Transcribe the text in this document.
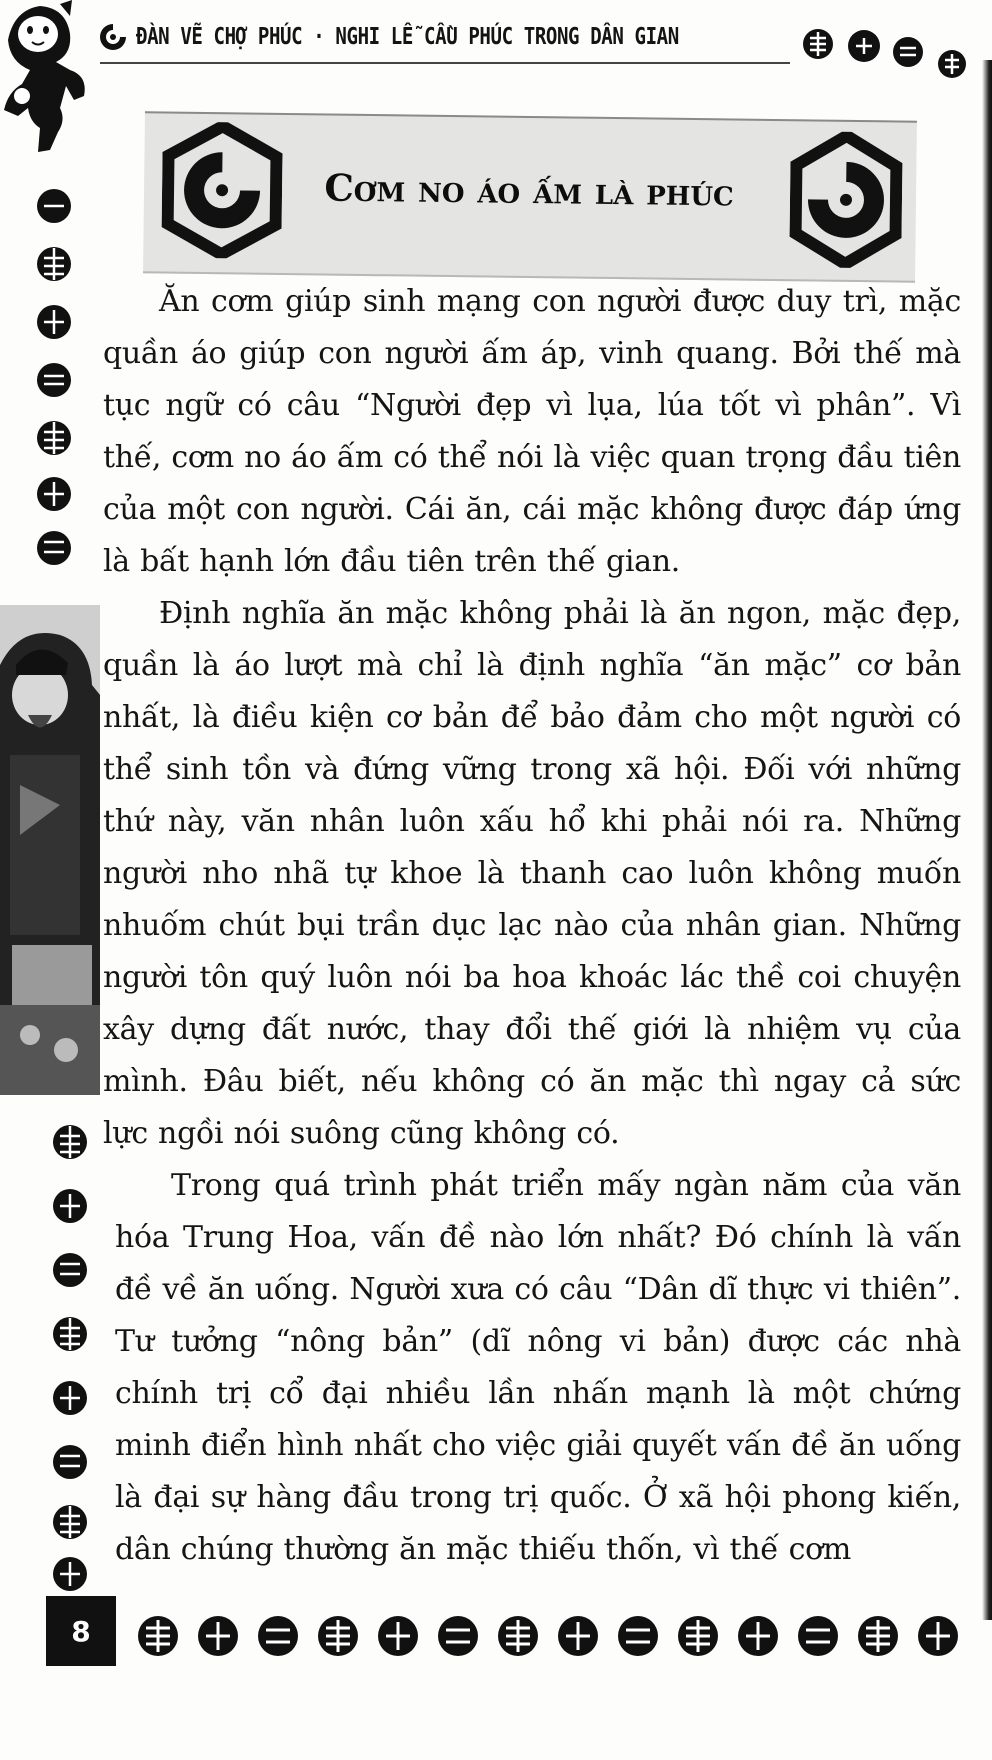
ĐÀN VẼ CHỢ PHÚC · NGHI LỄ CẦU PHÚC TRONG DÂN GIAN
Cơm no áo ấm là phúc

Ăn cơm giúp sinh mạng con người được duy trì, mặc quần áo giúp con người ấm áp, vinh quang. Bởi thế mà tục ngữ có câu “Người đẹp vì lụa, lúa tốt vì phân”. Vì thế, cơm no áo ấm có thể nói là việc quan trọng đầu tiên của một con người. Cái ăn, cái mặc không được đáp ứng là bất hạnh lớn đầu tiên trên thế gian.

Định nghĩa ăn mặc không phải là ăn ngon, mặc đẹp, quần là áo lượt mà chỉ là định nghĩa “ăn mặc” cơ bản nhất, là điều kiện cơ bản để bảo đảm cho một người có thể sinh tồn và đứng vững trong xã hội. Đối với những thứ này, văn nhân luôn xấu hổ khi phải nói ra. Những người nho nhã tự khoe là thanh cao luôn không muốn nhuốm chút bụi trần dục lạc nào của nhân gian. Những người tôn quý luôn nói ba hoa khoác lác thề coi chuyện xây dựng đất nước, thay đổi thế giới là nhiệm vụ của mình. Đâu biết, nếu không có ăn mặc thì ngay cả sức lực ngồi nói suông cũng không có.

Trong quá trình phát triển mấy ngàn năm của văn hóa Trung Hoa, vấn đề nào lớn nhất? Đó chính là vấn đề về ăn uống. Người xưa có câu “Dân dĩ thực vi thiên”. Tư tưởng “nông bản” (dĩ nông vi bản) được các nhà chính trị cổ đại nhiều lần nhấn mạnh là một chứng minh điển hình nhất cho việc giải quyết vấn đề ăn uống là đại sự hàng đầu trong trị quốc. Ở xã hội phong kiến, dân chúng thường ăn mặc thiếu thốn, vì thế cơm

8
